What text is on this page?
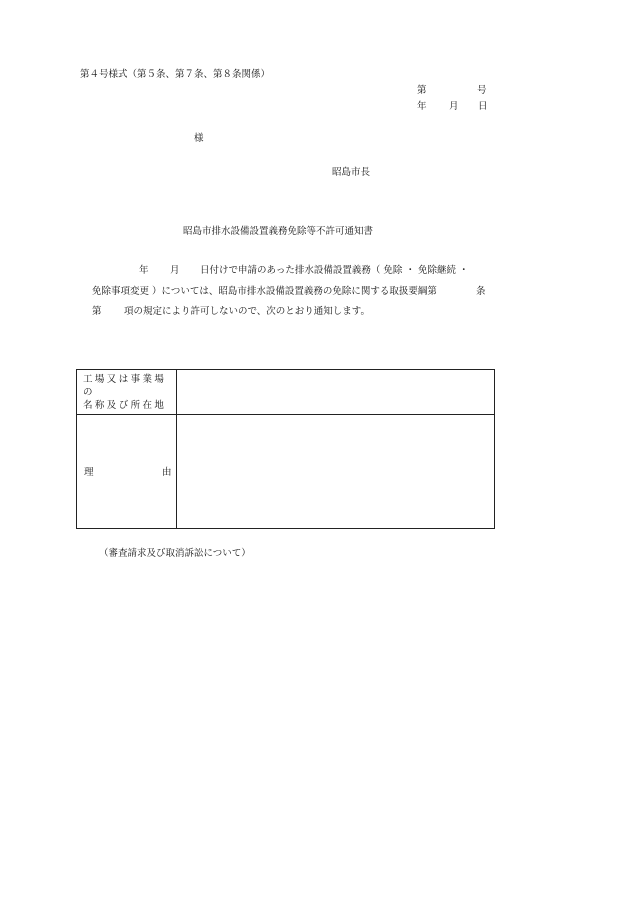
第４号様式（第５条、第７条、第８条関係）
第	号
年 月 日
様
昭島市長
昭島市排水設備設置義務免除等不許可通知書
年 月 日付けで申請のあった排水設備設置義務（ 免除 ・ 免除継続 ・
免除事項変更 ）については、昭島市排水設備設置義務の免除に関する取扱要綱第	条
第 項の規定により許可しないので、次のとおり通知します。
工場又は事業場の
名称及び所在地	

理 由	

（審査請求及び取消訴訟について）
